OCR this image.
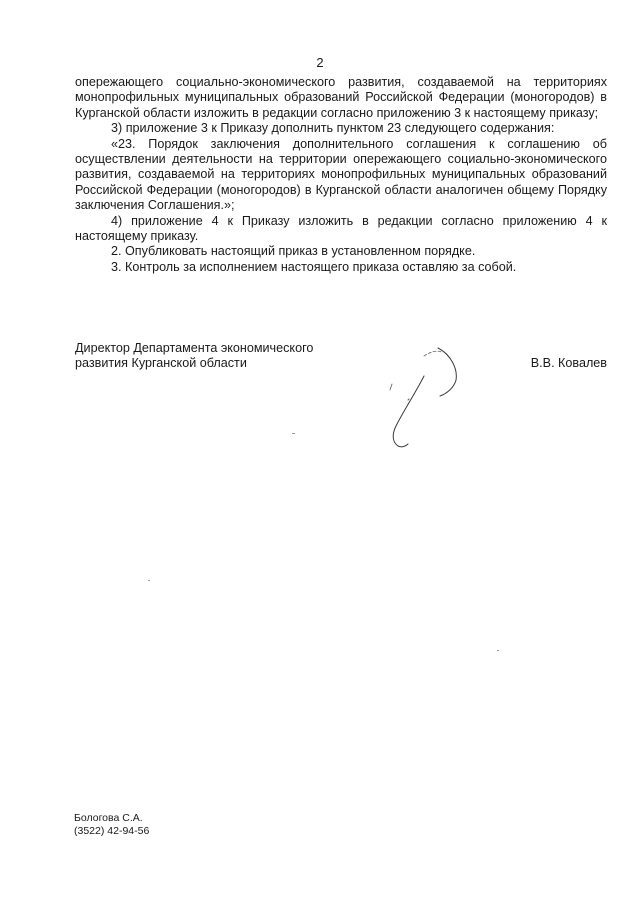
2

опережающего социально-экономического развития, создаваемой на территориях монопрофильных муниципальных образований Российской Федерации (моногородов) в Курганской области изложить в редакции согласно приложению 3 к настоящему приказу;

3) приложение 3 к Приказу дополнить пунктом 23 следующего содержания:

«23. Порядок заключения дополнительного соглашения к соглашению об осуществлении деятельности на территории опережающего социально-экономического развития, создаваемой на территориях монопрофильных муниципальных образований Российской Федерации (моногородов) в Курганской области аналогичен общему Порядку заключения Соглашения.»;

4) приложение 4 к Приказу изложить в редакции согласно приложению 4 к настоящему приказу.

2. Опубликовать настоящий приказ в установленном порядке.

3. Контроль за исполнением настоящего приказа оставляю за собой.

Директор Департамента экономического
развития Курганской области	В.В. Ковалев
Бологова С.А.
(3522) 42-94-56
